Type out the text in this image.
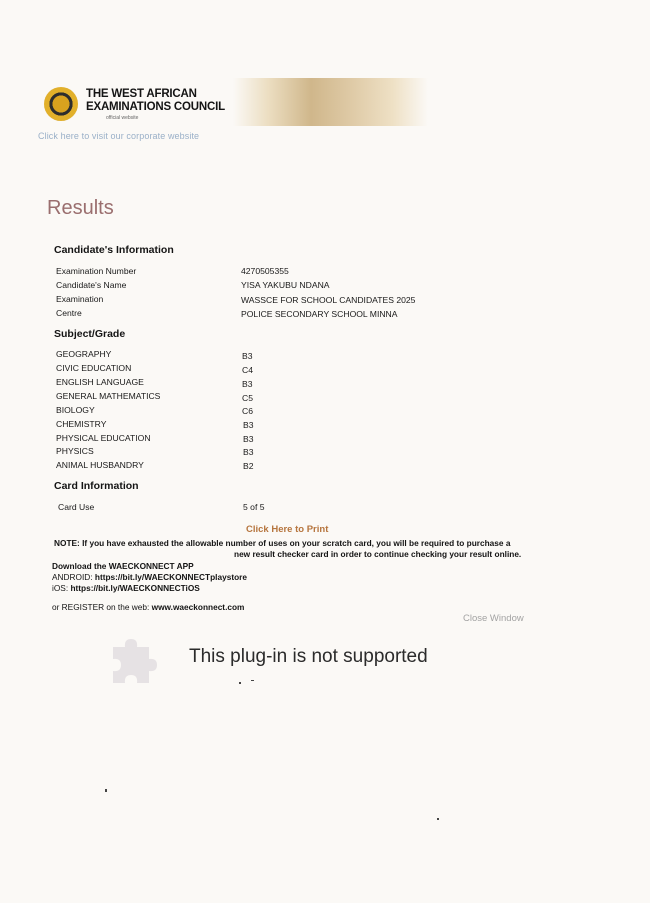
THE WEST AFRICAN
EXAMINATIONS COUNCIL
official website
Click here to visit our corporate website
Results
Candidate's Information
Examination Number	4270505355
Candidate's Name	YISA YAKUBU NDANA
Examination	WASSCE FOR SCHOOL CANDIDATES 2025
Centre	POLICE SECONDARY SCHOOL MINNA
Subject/Grade
GEOGRAPHY	B3
CIVIC EDUCATION	C4
ENGLISH LANGUAGE	B3
GENERAL MATHEMATICS	C5
BIOLOGY	C6
CHEMISTRY	B3
PHYSICAL EDUCATION	B3
PHYSICS	B3
ANIMAL HUSBANDRY	B2
Card Information
Card Use	5 of 5
Click Here to Print
NOTE: If you have exhausted the allowable number of uses on your scratch card, you will be required to purchase a
new result checker card in order to continue checking your result online.
Download the WAECKONNECT APP
ANDROID: https://bit.ly/WAECKONNECTplaystore
iOS: https://bit.ly/WAECKONNECTiOS
or REGISTER on the web: www.waeckonnect.com
Close Window
This plug-in is not supported
